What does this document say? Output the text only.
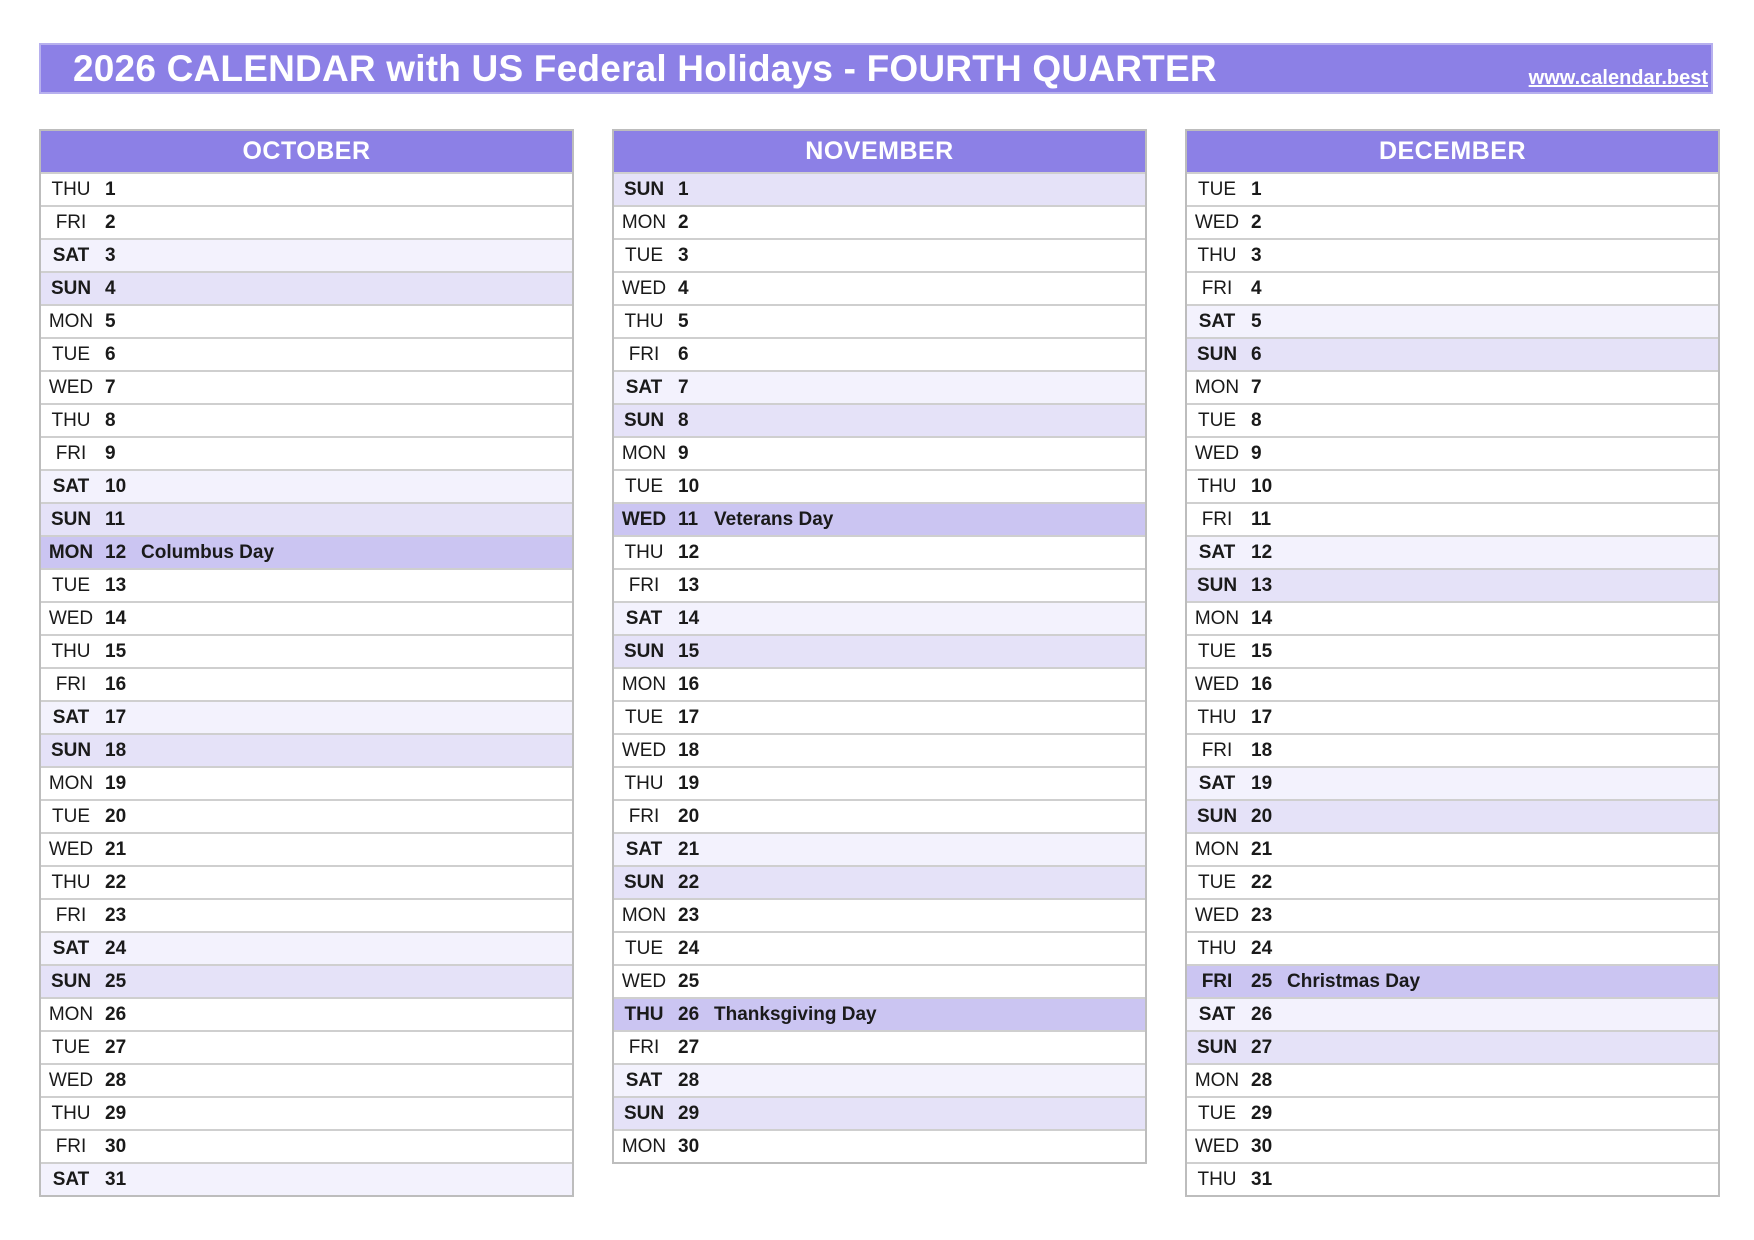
2026 CALENDAR with US Federal Holidays - FOURTH QUARTER	www.calendar.best
OCTOBER
THU 1
FRI 2
SAT 3
SUN 4
MON 5
TUE 6
WED 7
THU 8
FRI 9
SAT 10
SUN 11
MON 12 Columbus Day
TUE 13
WED 14
THU 15
FRI 16
SAT 17
SUN 18
MON 19
TUE 20
WED 21
THU 22
FRI 23
SAT 24
SUN 25
MON 26
TUE 27
WED 28
THU 29
FRI 30
SAT 31
NOVEMBER
SUN 1
MON 2
TUE 3
WED 4
THU 5
FRI 6
SAT 7
SUN 8
MON 9
TUE 10
WED 11 Veterans Day
THU 12
FRI 13
SAT 14
SUN 15
MON 16
TUE 17
WED 18
THU 19
FRI 20
SAT 21
SUN 22
MON 23
TUE 24
WED 25
THU 26 Thanksgiving Day
FRI 27
SAT 28
SUN 29
MON 30
DECEMBER
TUE 1
WED 2
THU 3
FRI 4
SAT 5
SUN 6
MON 7
TUE 8
WED 9
THU 10
FRI 11
SAT 12
SUN 13
MON 14
TUE 15
WED 16
THU 17
FRI 18
SAT 19
SUN 20
MON 21
TUE 22
WED 23
THU 24
FRI 25 Christmas Day
SAT 26
SUN 27
MON 28
TUE 29
WED 30
THU 31
